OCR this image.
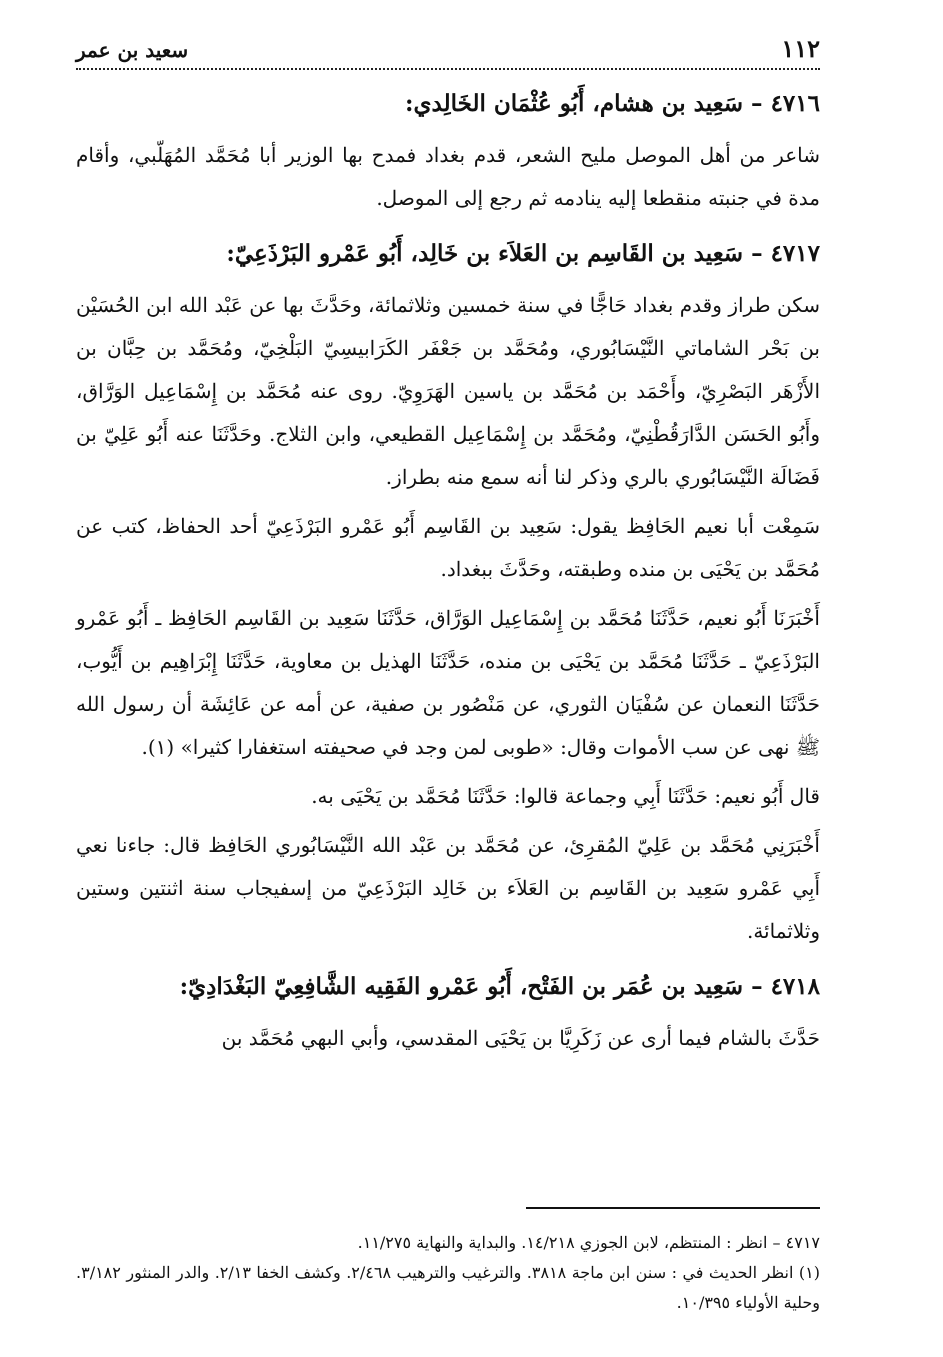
١١٢
سعيد بن عمر
٤٧١٦ – سَعِيد بن هشام، أَبُو عُثْمَان الخَالِدي:

شاعر من أهل الموصل مليح الشعر، قدم بغداد فمدح بها الوزير أبا مُحَمَّد المُهَلّبي، وأقام مدة في جنبته منقطعا إليه ينادمه ثم رجع إلى الموصل.

٤٧١٧ – سَعِيد بن القَاسِم بن العَلاَء بن خَالِد، أَبُو عَمْرو البَرْذَعِيّ:

سكن طراز وقدم بغداد حَاجًّا في سنة خمسين وثلاثمائة، وحَدَّثَ بها عن عَبْد الله ابن الحُسَيْن بن بَحْر الشاماتي النَّيْسَابُوري، ومُحَمَّد بن جَعْفَر الكَرَابيسِيّ البَلْخِيّ، ومُحَمَّد بن حِبَّان بن الأَزْهَر البَصْرِيّ، وأَحْمَد بن مُحَمَّد بن ياسين الهَرَوِيّ. روى عنه مُحَمَّد بن إِسْمَاعِيل الوَرَّاق، وأَبُو الحَسَن الدَّارَقُطْنِيّ، ومُحَمَّد بن إِسْمَاعِيل القطيعي، وابن الثلاج. وحَدَّثَنَا عنه أَبُو عَلِيّ بن فَضَالَة النَّيْسَابُوري بالري وذكر لنا أنه سمع منه بطراز.

سَمِعْت أبا نعيم الحَافِظ يقول: سَعِيد بن القَاسِم أَبُو عَمْرو البَرْذَعِيّ أحد الحفاظ، كتب عن مُحَمَّد بن يَحْيَى بن منده وطبقته، وحَدَّثَ ببغداد.

أَخْبَرَنَا أَبُو نعيم، حَدَّثَنَا مُحَمَّد بن إِسْمَاعِيل الوَرَّاق، حَدَّثَنَا سَعِيد بن القَاسِم الحَافِظ ـ أَبُو عَمْرو البَرْذَعِيّ ـ حَدَّثَنَا مُحَمَّد بن يَحْيَى بن منده، حَدَّثَنَا الهذيل بن معاوية، حَدَّثَنَا إِبْرَاهِيم بن أَيُّوب، حَدَّثَنَا النعمان عن سُفْيَان الثوري، عن مَنْصُور بن صفية، عن أمه عن عَائِشَة أن رسول الله ﷺ نهى عن سب الأموات وقال: «طوبى لمن وجد في صحيفته استغفارا كثيرا» (١).

قال أَبُو نعيم: حَدَّثَنَا أَبِي وجماعة قالوا: حَدَّثَنَا مُحَمَّد بن يَحْيَى به.

أَخْبَرَنِي مُحَمَّد بن عَلِيّ المُقرِئ، عن مُحَمَّد بن عَبْد الله النَّيْسَابُوري الحَافِظ قال: جاءنا نعي أَبِي عَمْرو سَعِيد بن القَاسِم بن العَلاَء بن خَالِد البَرْذَعِيّ من إسفيجاب سنة اثنتين وستين وثلاثمائة.

٤٧١٨ – سَعِيد بن عُمَر بن الفَتْح، أَبُو عَمْرو الفَقِيه الشَّافِعِيّ البَغْدَادِيّ:

حَدَّثَ بالشام فيما أرى عن زَكَرِيَّا بن يَحْيَى المقدسي، وأبي البهي مُحَمَّد بن

٤٧١٧ – انظر : المنتظم، لابن الجوزي ١٤/٢١٨. والبداية والنهاية ١١/٢٧٥.

(١) انظر الحديث في : سنن ابن ماجة ٣٨١٨. والترغيب والترهيب ٢/٤٦٨. وكشف الخفا ٢/١٣. والدر المنثور ٣/١٨٢. وحلية الأولياء ١٠/٣٩٥.
